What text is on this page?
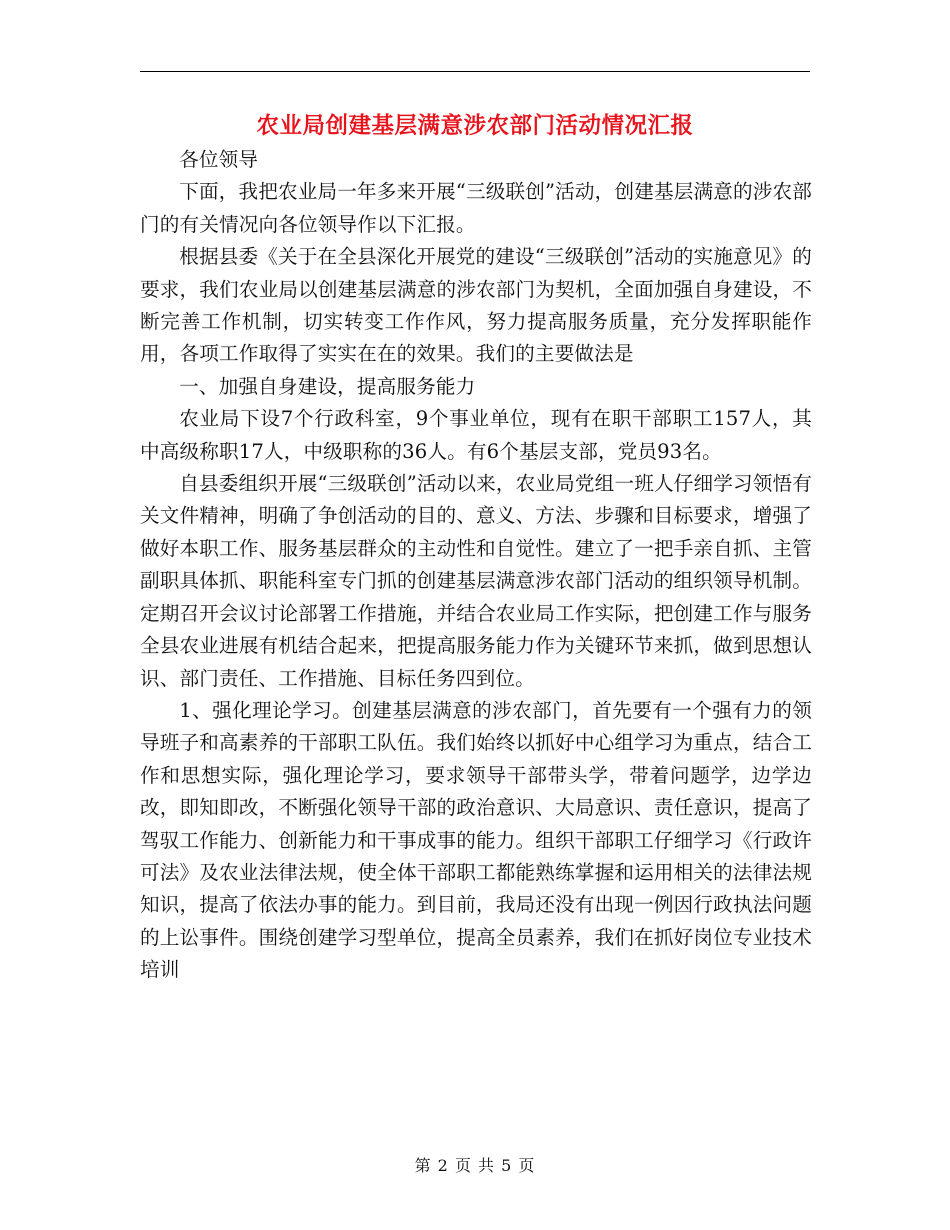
农业局创建基层满意涉农部门活动情况汇报

各位领导

下面，我把农业局一年多来开展“三级联创”活动，创建基层满意的涉农部门的有关情况向各位领导作以下汇报。

根据县委《关于在全县深化开展党的建设“三级联创”活动的实施意见》的要求，我们农业局以创建基层满意的涉农部门为契机，全面加强自身建设，不断完善工作机制，切实转变工作作风，努力提高服务质量，充分发挥职能作用，各项工作取得了实实在在的效果。我们的主要做法是

一、加强自身建设，提高服务能力

农业局下设7个行政科室，9个事业单位，现有在职干部职工157人，其中高级称职17人，中级职称的36人。有6个基层支部，党员93名。

自县委组织开展“三级联创”活动以来，农业局党组一班人仔细学习领悟有关文件精神，明确了争创活动的目的、意义、方法、步骤和目标要求，增强了做好本职工作、服务基层群众的主动性和自觉性。建立了一把手亲自抓、主管副职具体抓、职能科室专门抓的创建基层满意涉农部门活动的组织领导机制。定期召开会议讨论部署工作措施，并结合农业局工作实际，把创建工作与服务全县农业进展有机结合起来，把提高服务能力作为关键环节来抓，做到思想认识、部门责任、工作措施、目标任务四到位。

1、强化理论学习。创建基层满意的涉农部门，首先要有一个强有力的领导班子和高素养的干部职工队伍。我们始终以抓好中心组学习为重点，结合工作和思想实际，强化理论学习，要求领导干部带头学，带着问题学，边学边改，即知即改，不断强化领导干部的政治意识、大局意识、责任意识，提高了驾驭工作能力、创新能力和干事成事的能力。组织干部职工仔细学习《行政许可法》及农业法律法规，使全体干部职工都能熟练掌握和运用相关的法律法规知识，提高了依法办事的能力。到目前，我局还没有出现一例因行政执法问题的上讼事件。围绕创建学习型单位，提高全员素养，我们在抓好岗位专业技术培训

第 2 页 共 5 页
